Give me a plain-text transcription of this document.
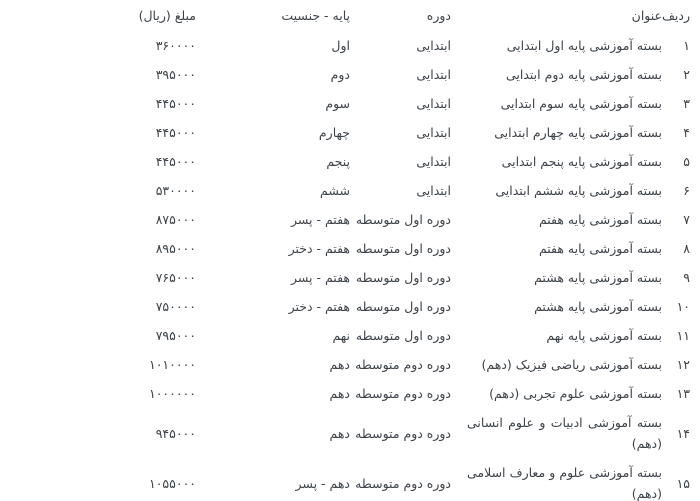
ردیف	عنوان	دوره	پایه - جنسیت	مبلغ (ریال)
۱	بسته آموزشی پایه اول ابتدایی	ابتدایی	اول	۳۶۰۰۰۰
۲	بسته آموزشی پایه دوم ابتدایی	ابتدایی	دوم	۳۹۵۰۰۰
۳	بسته آموزشی پایه سوم ابتدایی	ابتدایی	سوم	۴۴۵۰۰۰
۴	بسته آموزشی پایه چهارم ابتدایی	ابتدایی	چهارم	۴۴۵۰۰۰
۵	بسته آموزشی پایه پنجم ابتدایی	ابتدایی	پنجم	۴۴۵۰۰۰
۶	بسته آموزشی پایه ششم ابتدایی	ابتدایی	ششم	۵۳۰۰۰۰
۷	بسته آموزشی پایه هفتم	دوره اول متوسطه	هفتم - پسر	۸۷۵۰۰۰
۸	بسته آموزشی پایه هفتم	دوره اول متوسطه	هفتم - دختر	۸۹۵۰۰۰
۹	بسته آموزشی پایه هشتم	دوره اول متوسطه	هفتم - پسر	۷۶۵۰۰۰
۱۰	بسته آموزشی پایه هشتم	دوره اول متوسطه	هفتم - دختر	۷۵۰۰۰۰
۱۱	بسته آموزشی پایه نهم	دوره اول متوسطه	نهم	۷۹۵۰۰۰
۱۲	بسته آموزشی ریاضی فیزیک (دهم)	دوره دوم متوسطه	دهم	۱۰۱۰۰۰۰
۱۳	بسته آموزشی علوم تجربی (دهم)	دوره دوم متوسطه	دهم	۱۰۰۰۰۰۰
۱۴	بسته آموزشی ادبیات و علوم انسانی (دهم)	دوره دوم متوسطه	دهم	۹۴۵۰۰۰
۱۵	بسته آموزشی علوم و معارف اسلامی (دهم)	دوره دوم متوسطه	دهم - پسر	۱۰۵۵۰۰۰
